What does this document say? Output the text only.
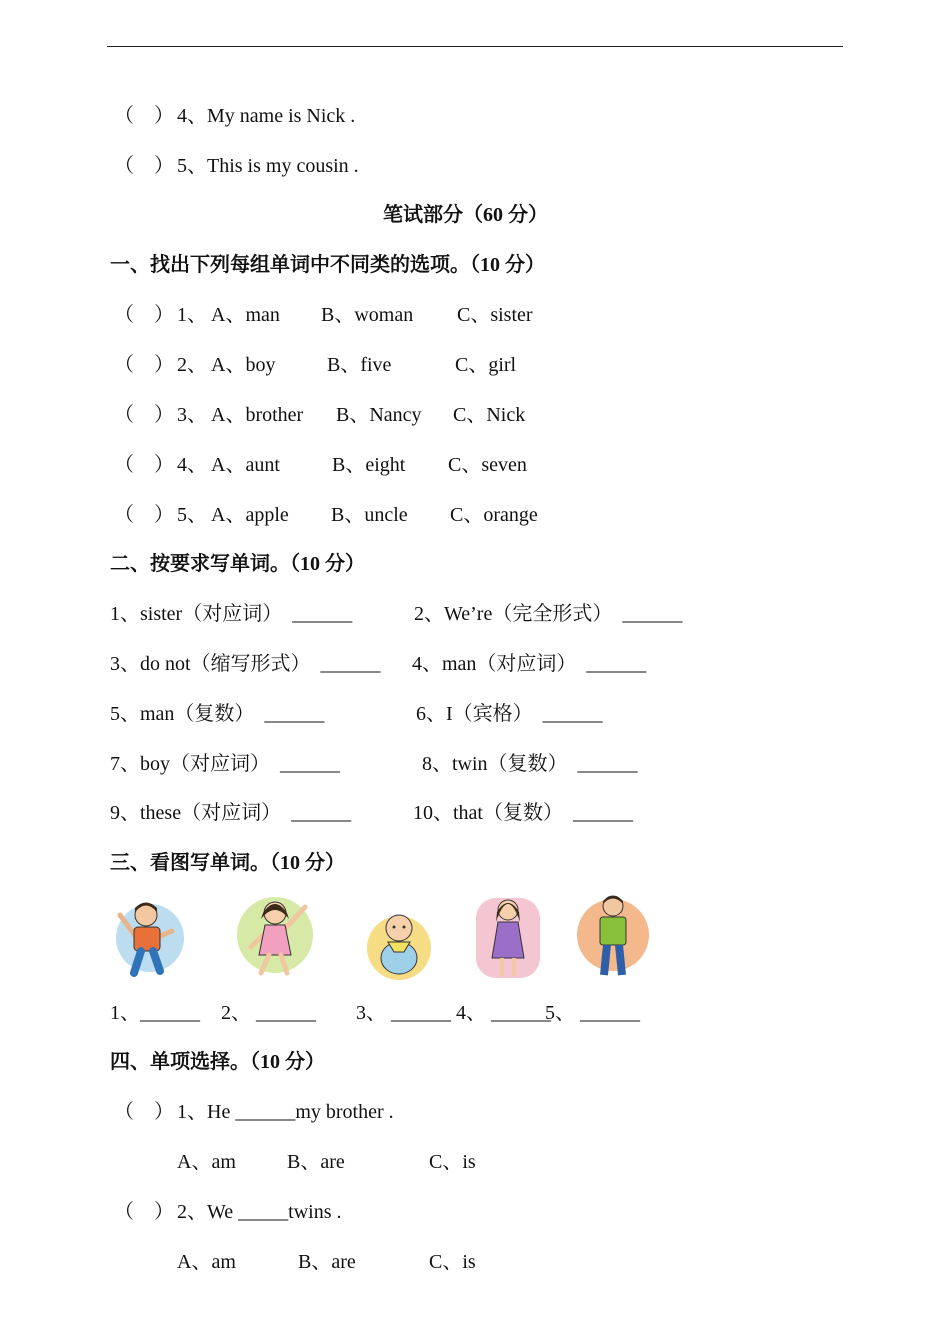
（    ） 4、My name is Nick .
（    ） 5、This is my cousin .
笔试部分（60 分）
一、找出下列每组单词中不同类的选项。（10 分）
（    ） 1、 A、man B、woman C、sister
（    ） 2、 A、boy	B、five	C、girl
（    ） 3、 A、brother B、Nancy C、Nick
（    ） 4、 A、aunt	B、eight C、seven
（    ） 5、 A、apple B、uncle C、orange
二、按要求写单词。（10 分）
1、sister（对应词）  ______	2、We’re（完全形式）  ______
3、do not（缩写形式）  ______ 4、man（对应词）  ______
5、man（复数）  ______	6、I（宾格）  ______
7、boy（对应词）  ______	8、twin（复数）  ______
9、these（对应词）  ______	10、that（复数）  ______
三、看图写单词。（10 分）
1、______ 2、 ______ 3、 ______ 4、 ______
5、 ______
四、单项选择。（10 分）
（    ） 1、He ______my brother .
A、am	B、are	C、is
（    ） 2、We _____twins .
A、am	B、are	C、is
